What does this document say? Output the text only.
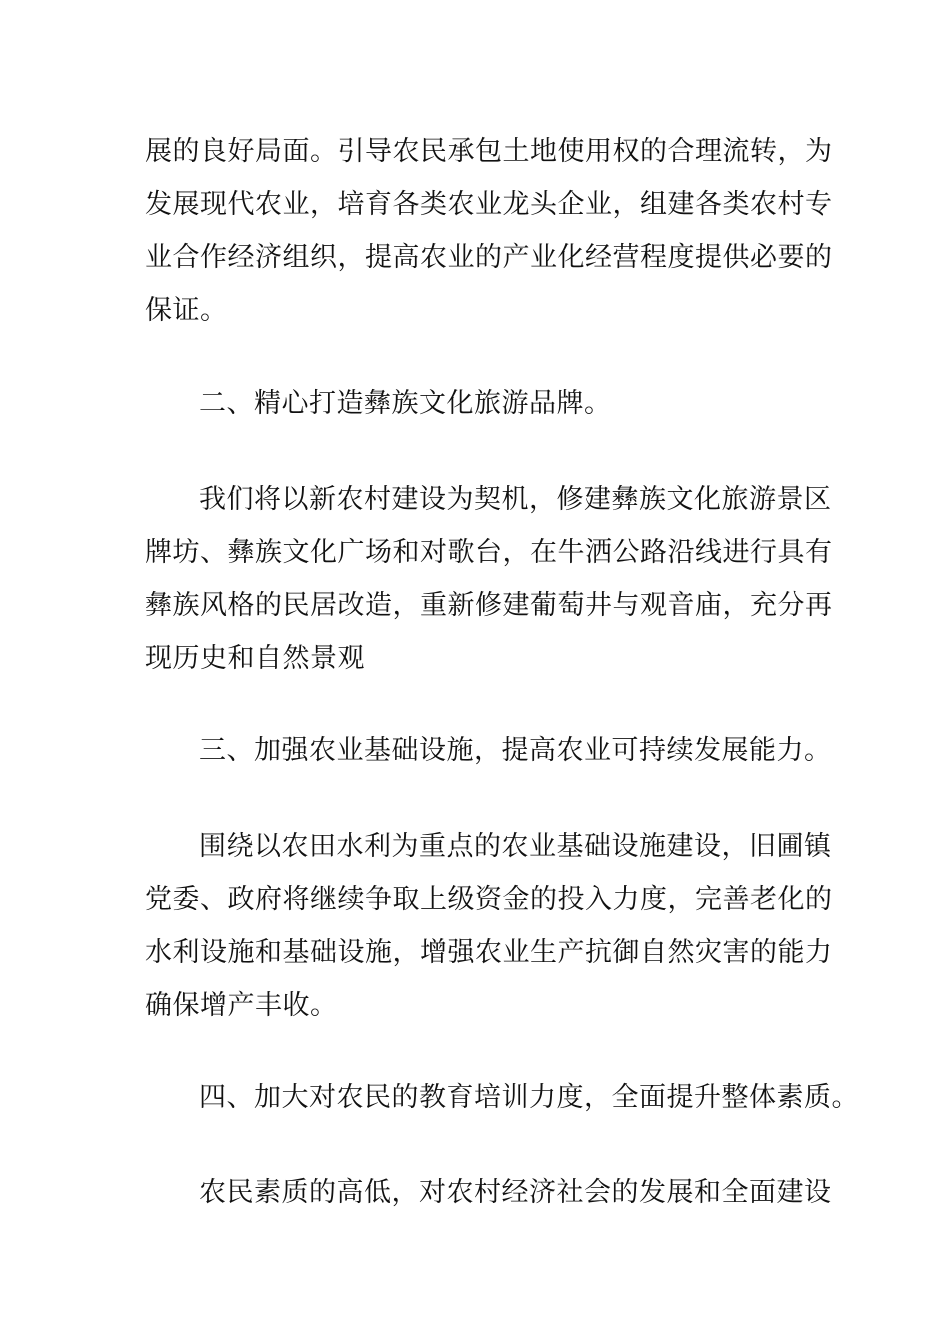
展的良好局面。引导农民承包土地使用权的合理流转，为
发展现代农业，培育各类农业龙头企业，组建各类农村专
业合作经济组织，提高农业的产业化经营程度提供必要的
保证。
二、精心打造彝族文化旅游品牌。
我们将以新农村建设为契机，修建彝族文化旅游景区
牌坊、彝族文化广场和对歌台，在牛洒公路沿线进行具有
彝族风格的民居改造，重新修建葡萄井与观音庙，充分再
现历史和自然景观
三、加强农业基础设施，提高农业可持续发展能力。
围绕以农田水利为重点的农业基础设施建设，旧圃镇
党委、政府将继续争取上级资金的投入力度，完善老化的
水利设施和基础设施，增强农业生产抗御自然灾害的能力
确保增产丰收。
四、加大对农民的教育培训力度，全面提升整体素质。
农民素质的高低，对农村经济社会的发展和全面建设
